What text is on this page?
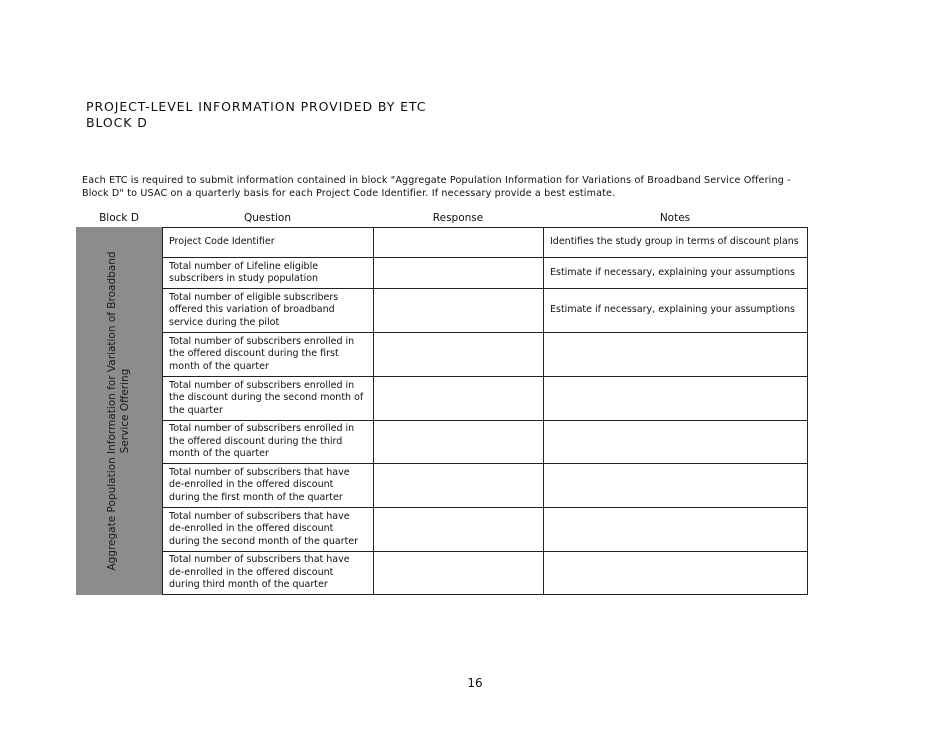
PROJECT-LEVEL INFORMATION PROVIDED BY ETC
BLOCK D
Each ETC is required to submit information contained in block "Aggregate Population Information for Variations of Broadband Service Offering - Block D" to USAC on a quarterly basis for each Project Code Identifier. If necessary provide a best estimate.
Block D	Question	Response	Notes
Aggregate Population Information for Variation of Broadband Service Offering
Project Code Identifier		Identifies the study group in terms of discount plans
Total number of Lifeline eligible subscribers in study population		Estimate if necessary, explaining your assumptions
Total number of eligible subscribers offered this variation of broadband service during the pilot		Estimate if necessary, explaining your assumptions
Total number of subscribers enrolled in the offered discount during the first month of the quarter		
Total number of subscribers enrolled in the discount during the second month of the quarter		
Total number of subscribers enrolled in the offered discount during the third month of the quarter		
Total number of subscribers that have de-enrolled in the offered discount during the first month of the quarter		
Total number of subscribers that have de-enrolled in the offered discount during the second month of the quarter		
Total number of subscribers that have de-enrolled in the offered discount during third month of the quarter		
16
